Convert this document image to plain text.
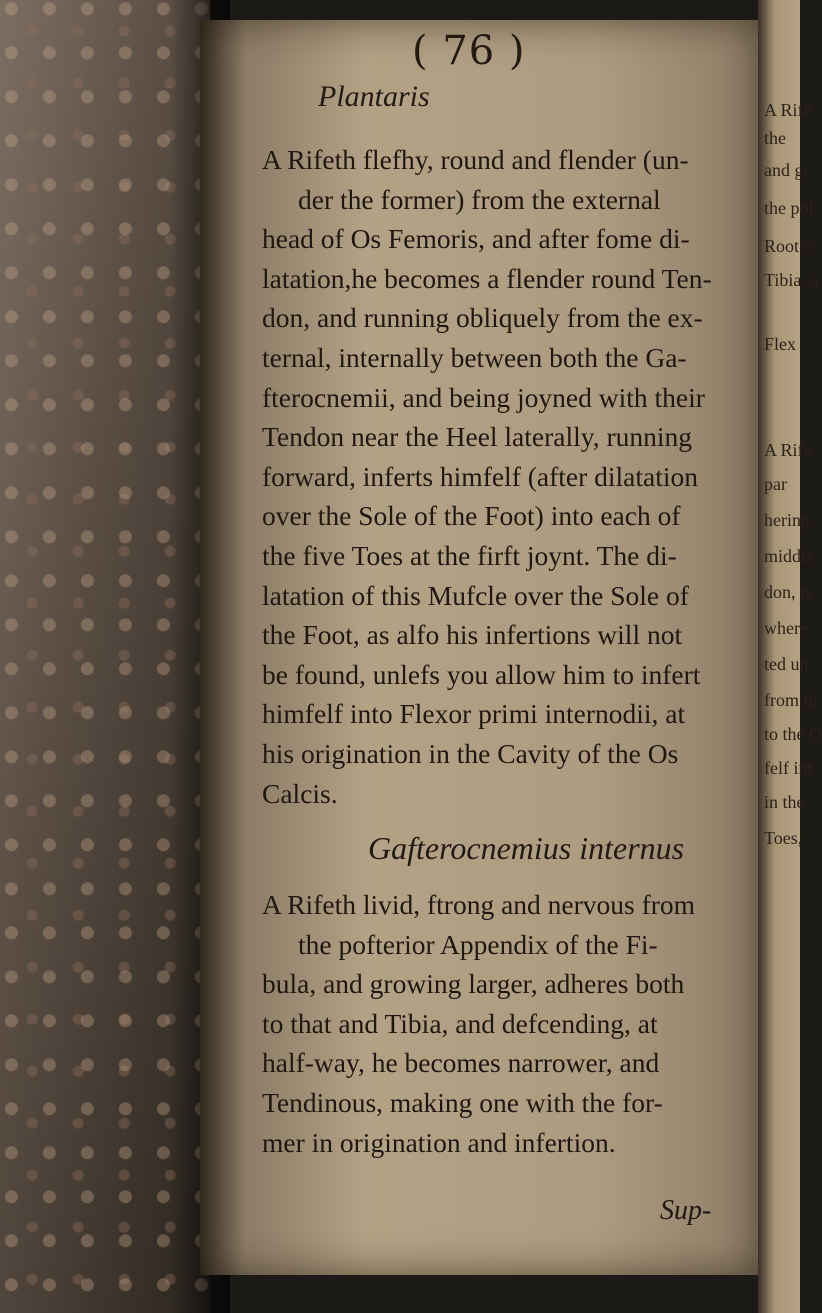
A Rife
the
and gr
the pol
Root o
Tibia, a
Flex
A Rife
par
hering
middle
don, is
where
ted un
from th
to the O
felf int
in the
Toes,
( 76 )
Plantaris
A Rifeth flefhy, round and flender (un-
der the former) from the external
head of Os Femoris, and after fome di-
latation,he becomes a flender round Ten-
don, and running obliquely from the ex-
ternal, internally between both the Ga-
fterocnemii, and being joyned with their
Tendon near the Heel laterally, running
forward, inferts himfelf (after dilatation
over the Sole of the Foot) into each of
the five Toes at the firft joynt. The di-
latation of this Mufcle over the Sole of
the Foot, as alfo his infertions will not
be found, unlefs you allow him to infert
himfelf into Flexor primi internodii, at
his origination in the Cavity of the Os
Calcis.
Gafterocnemius internus
A Rifeth livid, ftrong and nervous from
the pofterior Appendix of the Fi-
bula, and growing larger, adheres both
to that and Tibia, and defcending, at
half-way, he becomes narrower, and
Tendinous, making one with the for-
mer in origination and infertion.
Sup-
